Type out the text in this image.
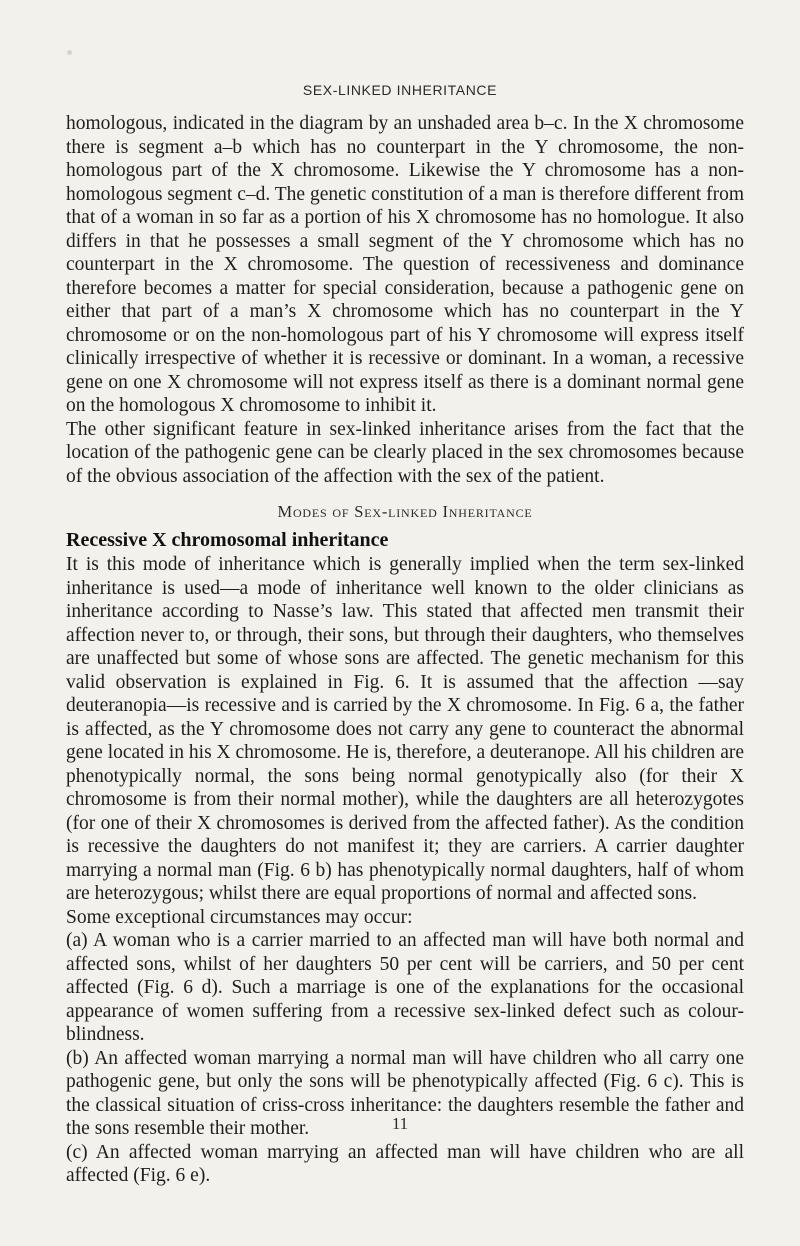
SEX-LINKED INHERITANCE

homologous, indicated in the diagram by an unshaded area b–c. In the X chromosome there is segment a–b which has no counterpart in the Y chromosome, the non-homologous part of the X chromosome. Likewise the Y chromosome has a non-homologous segment c–d. The genetic constitution of a man is therefore different from that of a woman in so far as a portion of his X chromosome has no homologue. It also differs in that he possesses a small segment of the Y chromosome which has no counterpart in the X chromosome. The question of recessiveness and dominance therefore becomes a matter for special consideration, because a pathogenic gene on either that part of a man’s X chromosome which has no counterpart in the Y chromosome or on the non-homologous part of his Y chromosome will express itself clinically irrespective of whether it is recessive or dominant. In a woman, a recessive gene on one X chromosome will not express itself as there is a dominant normal gene on the homologous X chromosome to inhibit it.

The other significant feature in sex-linked inheritance arises from the fact that the location of the pathogenic gene can be clearly placed in the sex chromosomes because of the obvious association of the affection with the sex of the patient.

Modes of Sex-linked Inheritance
Recessive X chromosomal inheritance

It is this mode of inheritance which is generally implied when the term sex-linked inheritance is used—a mode of inheritance well known to the older clinicians as inheritance according to Nasse’s law. This stated that affected men transmit their affection never to, or through, their sons, but through their daughters, who themselves are unaffected but some of whose sons are affected. The genetic mechanism for this valid observation is explained in Fig. 6. It is assumed that the affection —say deuteranopia—is recessive and is carried by the X chromosome. In Fig. 6 a, the father is affected, as the Y chromosome does not carry any gene to counteract the abnormal gene located in his X chromosome. He is, therefore, a deuteranope. All his children are phenotypically normal, the sons being normal genotypically also (for their X chromosome is from their normal mother), while the daughters are all heterozygotes (for one of their X chromosomes is derived from the affected father). As the condition is recessive the daughters do not manifest it; they are carriers. A carrier daughter marrying a normal man (Fig. 6 b) has phenotypically normal daughters, half of whom are heterozygous; whilst there are equal proportions of normal and affected sons.

Some exceptional circumstances may occur:

(a) A woman who is a carrier married to an affected man will have both normal and affected sons, whilst of her daughters 50 per cent will be carriers, and 50 per cent affected (Fig. 6 d). Such a marriage is one of the explanations for the occasional appearance of women suffering from a recessive sex-linked defect such as colour-blindness.

(b) An affected woman marrying a normal man will have children who all carry one pathogenic gene, but only the sons will be phenotypically affected (Fig. 6 c). This is the classical situation of criss-cross inheritance: the daughters resemble the father and the sons resemble their mother.

(c) An affected woman marrying an affected man will have children who are all affected (Fig. 6 e).

11
